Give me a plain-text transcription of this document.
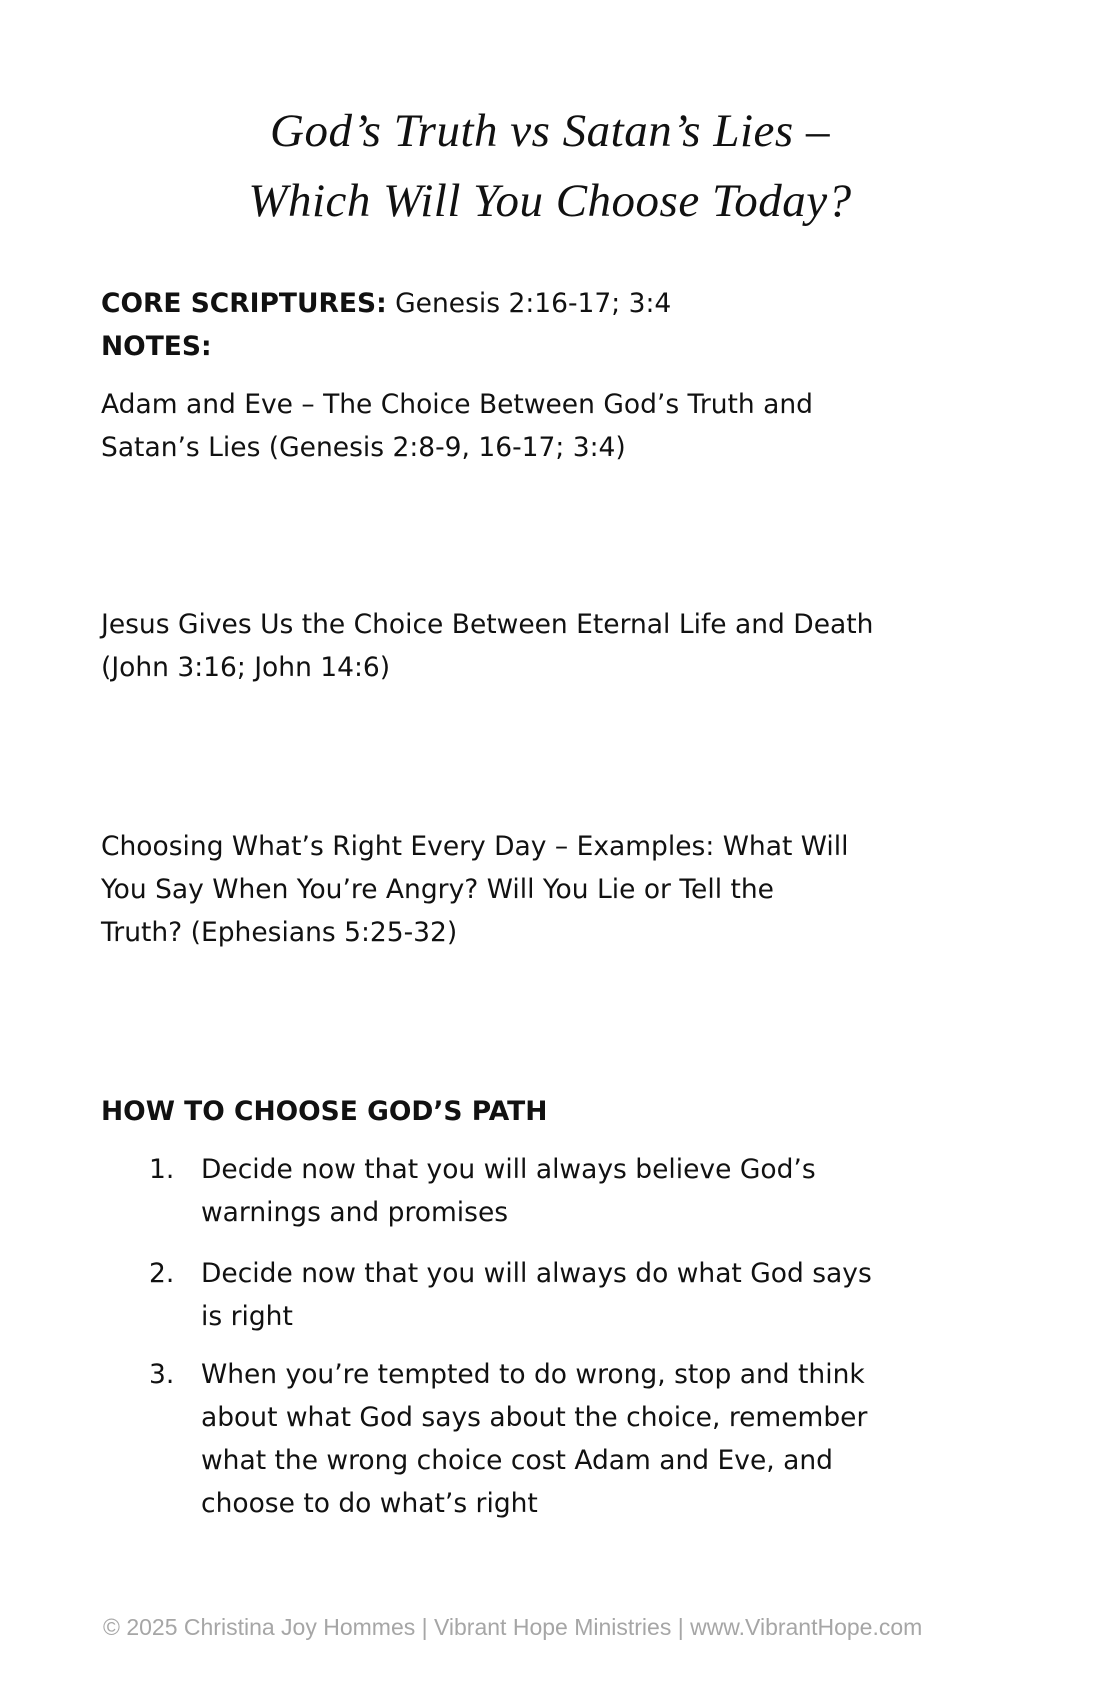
God’s Truth vs Satan’s Lies –
Which Will You Choose Today?
CORE SCRIPTURES: Genesis 2:16-17; 3:4
NOTES:
Adam and Eve – The Choice Between God’s Truth and
Satan’s Lies (Genesis 2:8-9, 16-17; 3:4)
Jesus Gives Us the Choice Between Eternal Life and Death
(John 3:16; John 14:6)
Choosing What’s Right Every Day – Examples: What Will
You Say When You’re Angry? Will You Lie or Tell the
Truth? (Ephesians 5:25-32)
HOW TO CHOOSE GOD’S PATH
1. Decide now that you will always believe God’s
warnings and promises
2. Decide now that you will always do what God says
is right
3. When you’re tempted to do wrong, stop and think
about what God says about the choice, remember
what the wrong choice cost Adam and Eve, and
choose to do what’s right
© 2025 Christina Joy Hommes | Vibrant Hope Ministries | www.VibrantHope.com
